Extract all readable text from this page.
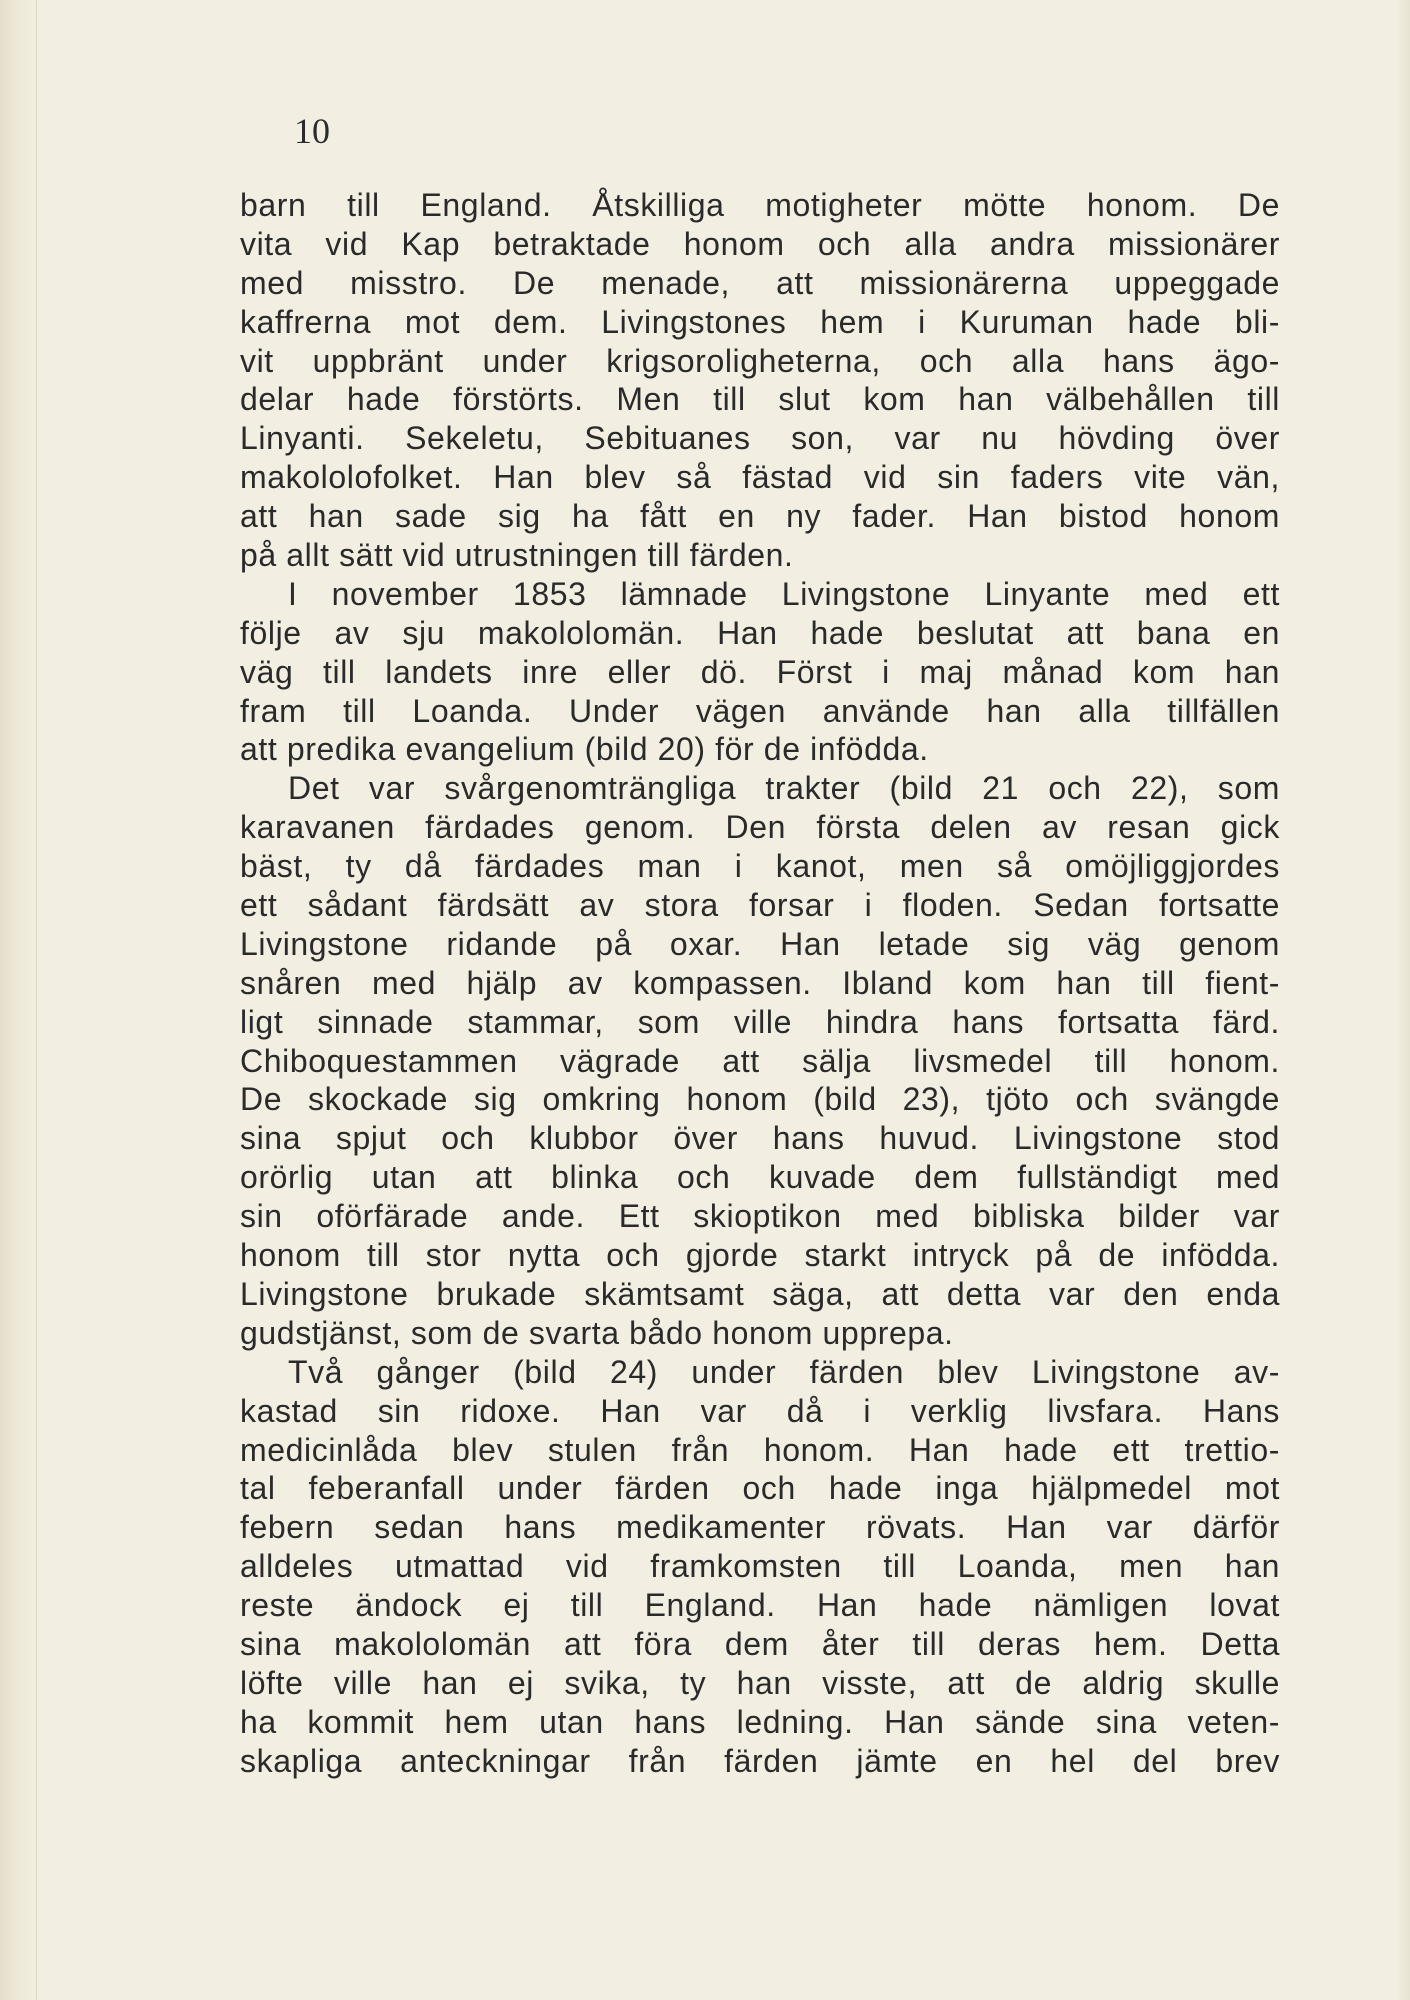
10
barn till England. Åtskilliga motigheter mötte honom. De
vita vid Kap betraktade honom och alla andra missionärer
med misstro. De menade, att missionärerna uppeggade
kaffrerna mot dem. Livingstones hem i Kuruman hade bli-
vit uppbränt under krigsoroligheterna, och alla hans ägo-
delar hade förstörts. Men till slut kom han välbehållen till
Linyanti. Sekeletu, Sebituanes son, var nu hövding över
makololofolket. Han blev så fästad vid sin faders vite vän,
att han sade sig ha fått en ny fader. Han bistod honom
på allt sätt vid utrustningen till färden.
I november 1853 lämnade Livingstone Linyante med ett
följe av sju makololomän. Han hade beslutat att bana en
väg till landets inre eller dö. Först i maj månad kom han
fram till Loanda. Under vägen använde han alla tillfällen
att predika evangelium (bild 20) för de infödda.
Det var svårgenomträngliga trakter (bild 21 och 22), som
karavanen färdades genom. Den första delen av resan gick
bäst, ty då färdades man i kanot, men så omöjliggjordes
ett sådant färdsätt av stora forsar i floden. Sedan fortsatte
Livingstone ridande på oxar. Han letade sig väg genom
snåren med hjälp av kompassen. Ibland kom han till fient-
ligt sinnade stammar, som ville hindra hans fortsatta färd.
Chiboquestammen vägrade att sälja livsmedel till honom.
De skockade sig omkring honom (bild 23), tjöto och svängde
sina spjut och klubbor över hans huvud. Livingstone stod
orörlig utan att blinka och kuvade dem fullständigt med
sin oförfärade ande. Ett skioptikon med bibliska bilder var
honom till stor nytta och gjorde starkt intryck på de infödda.
Livingstone brukade skämtsamt säga, att detta var den enda
gudstjänst, som de svarta bådo honom upprepa.
Två gånger (bild 24) under färden blev Livingstone av-
kastad sin ridoxe. Han var då i verklig livsfara. Hans
medicinlåda blev stulen från honom. Han hade ett trettio-
tal feberanfall under färden och hade inga hjälpmedel mot
febern sedan hans medikamenter rövats. Han var därför
alldeles utmattad vid framkomsten till Loanda, men han
reste ändock ej till England. Han hade nämligen lovat
sina makololomän att föra dem åter till deras hem. Detta
löfte ville han ej svika, ty han visste, att de aldrig skulle
ha kommit hem utan hans ledning. Han sände sina veten-
skapliga anteckningar från färden jämte en hel del brev
